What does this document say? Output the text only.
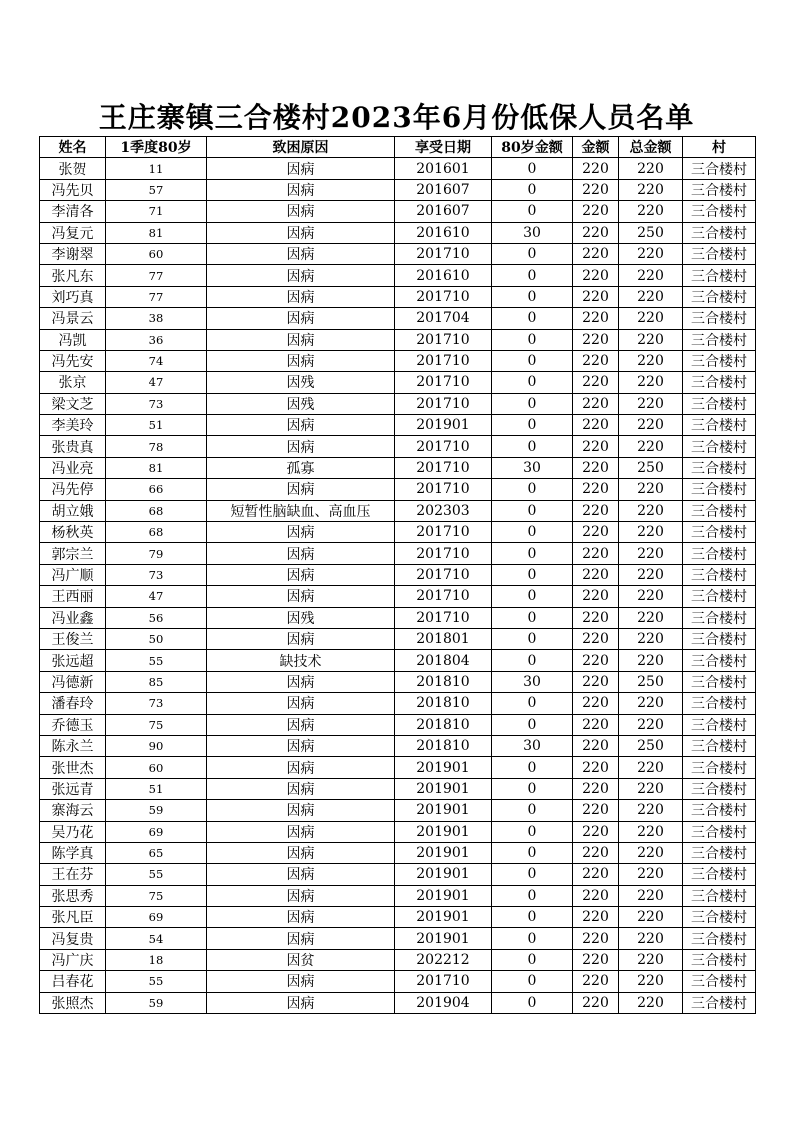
王庄寨镇三合楼村2023年6月份低保人员名单
姓名	1季度80岁	致困原因	享受日期	80岁金额	金额	总金额	村
张贺	11	因病	201601	0	220	220	三合楼村
冯先贝	57	因病	201607	0	220	220	三合楼村
李清各	71	因病	201607	0	220	220	三合楼村
冯复元	81	因病	201610	30	220	250	三合楼村
李谢翠	60	因病	201710	0	220	220	三合楼村
张凡东	77	因病	201610	0	220	220	三合楼村
刘巧真	77	因病	201710	0	220	220	三合楼村
冯景云	38	因病	201704	0	220	220	三合楼村
冯凯	36	因病	201710	0	220	220	三合楼村
冯先安	74	因病	201710	0	220	220	三合楼村
张京	47	因残	201710	0	220	220	三合楼村
梁文芝	73	因残	201710	0	220	220	三合楼村
李美玲	51	因病	201901	0	220	220	三合楼村
张贵真	78	因病	201710	0	220	220	三合楼村
冯业亮	81	孤寡	201710	30	220	250	三合楼村
冯先停	66	因病	201710	0	220	220	三合楼村
胡立娥	68	短暂性脑缺血、高血压	202303	0	220	220	三合楼村
杨秋英	68	因病	201710	0	220	220	三合楼村
郭宗兰	79	因病	201710	0	220	220	三合楼村
冯广顺	73	因病	201710	0	220	220	三合楼村
王西丽	47	因病	201710	0	220	220	三合楼村
冯业鑫	56	因残	201710	0	220	220	三合楼村
王俊兰	50	因病	201801	0	220	220	三合楼村
张远超	55	缺技术	201804	0	220	220	三合楼村
冯德新	85	因病	201810	30	220	250	三合楼村
潘春玲	73	因病	201810	0	220	220	三合楼村
乔德玉	75	因病	201810	0	220	220	三合楼村
陈永兰	90	因病	201810	30	220	250	三合楼村
张世杰	60	因病	201901	0	220	220	三合楼村
张远青	51	因病	201901	0	220	220	三合楼村
寨海云	59	因病	201901	0	220	220	三合楼村
吴乃花	69	因病	201901	0	220	220	三合楼村
陈学真	65	因病	201901	0	220	220	三合楼村
王在芬	55	因病	201901	0	220	220	三合楼村
张思秀	75	因病	201901	0	220	220	三合楼村
张凡臣	69	因病	201901	0	220	220	三合楼村
冯复贵	54	因病	201901	0	220	220	三合楼村
冯广庆	18	因贫	202212	0	220	220	三合楼村
吕春花	55	因病	201710	0	220	220	三合楼村
张照杰	59	因病	201904	0	220	220	三合楼村
